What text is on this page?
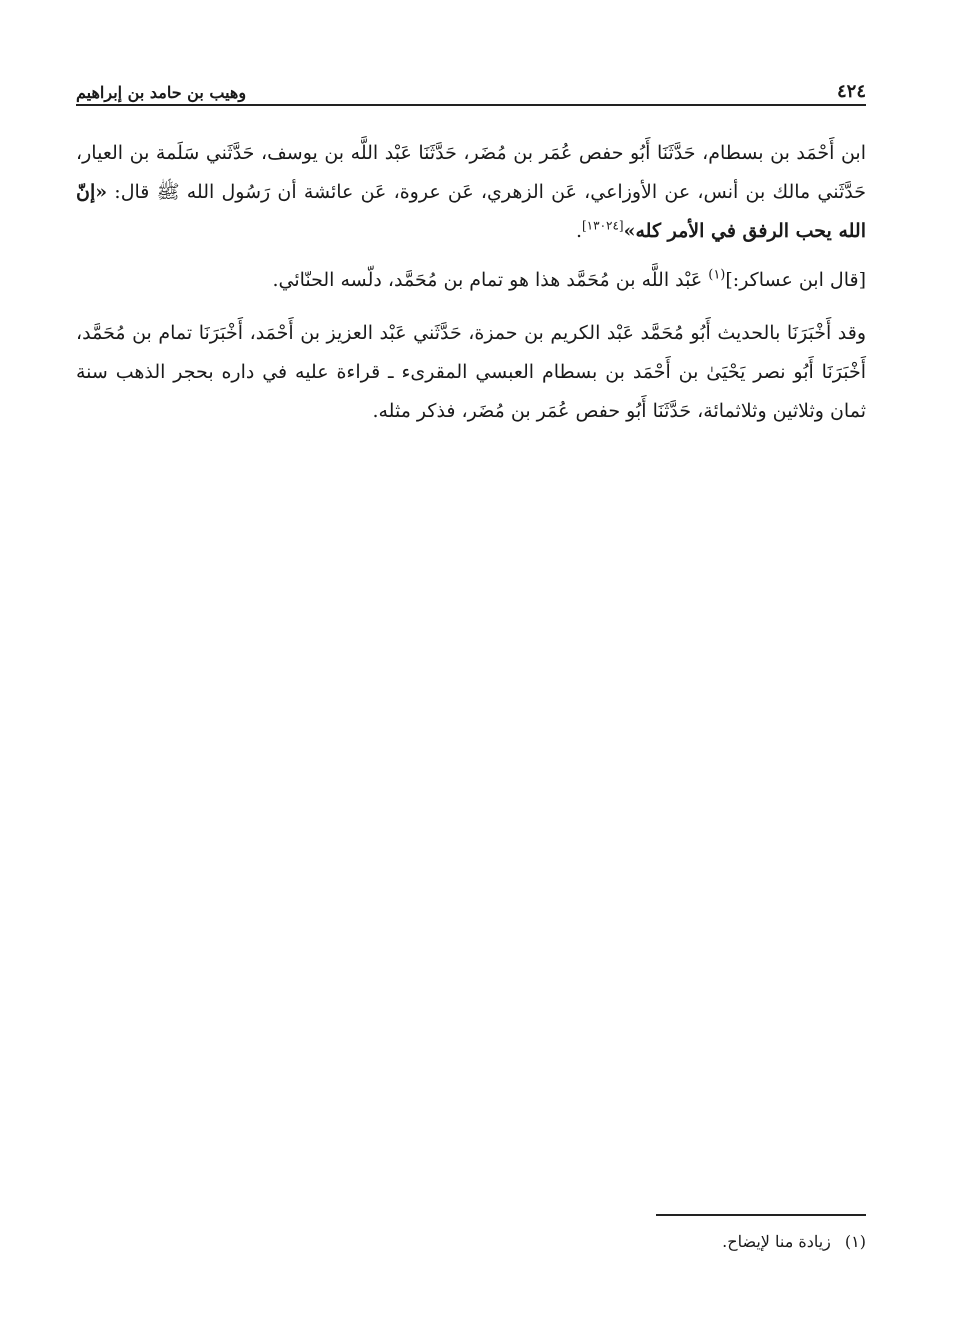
٤٢٤
وهيب بن حامد بن إبراهيم

ابن أَحْمَد بن بسطام، حَدَّثَنَا أَبُو حفص عُمَر بن مُضَر، حَدَّثَنَا عَبْد اللَّه بن يوسف، حَدَّثَني سَلَمة بن العيار، حَدَّثَني مالك بن أنس، عن الأوزاعي، عَن الزهري، عَن عروة، عَن عائشة أن رَسُول الله ﷺ قال: «إنّ الله يحب الرفق في الأمر كله»[١٣٠٢٤].

[قال ابن عساكر:]$^{(١)}$ عَبْد اللَّه بن مُحَمَّد هذا هو تمام بن مُحَمَّد، دلّسه الحنّائي.

وقد أَخْبَرَنَا بالحديث أَبُو مُحَمَّد عَبْد الكريم بن حمزة، حَدَّثَني عَبْد العزيز بن أَحْمَد، أَخْبَرَنَا تمام بن مُحَمَّد، أَخْبَرَنَا أَبُو نصر يَحْيَىٰ بن أَحْمَد بن بسطام العبسي المقرىء ـ قراءة عليه في داره بحجر الذهب سنة ثمان وثلاثين وثلاثمائة، حَدَّثَنَا أَبُو حفص عُمَر بن مُضَر، فذكر مثله.

(١)زيادة منا لإيضاح.
